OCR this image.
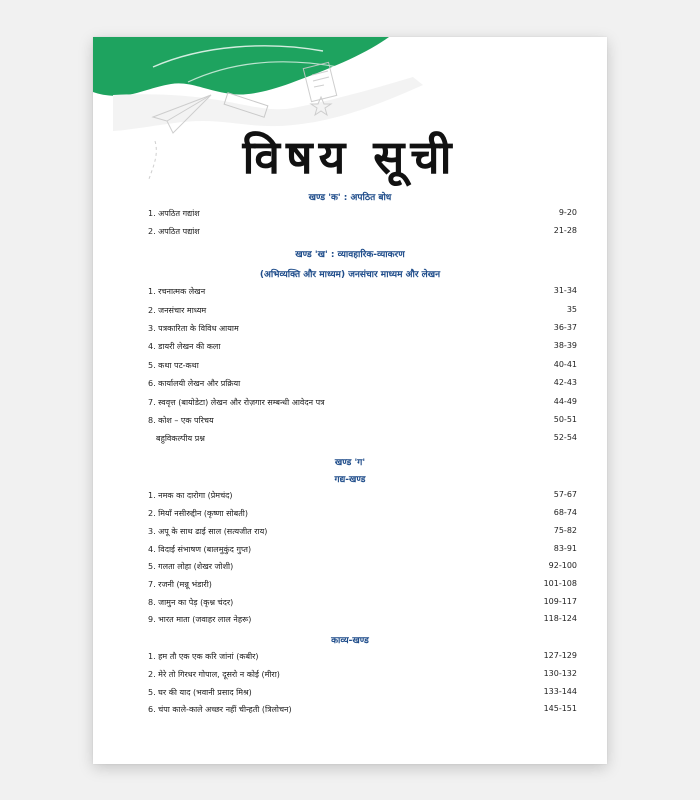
विषय सूची
खण्ड 'क' : अपठित बोध
1. अपठित गद्यांश	9-20
2. अपठित पद्यांश	21-28
खण्ड 'ख' : व्यावहारिक-व्याकरण
(अभिव्यक्ति और माध्यम) जनसंचार माध्यम और लेखन
1. रचनात्मक लेखन	31-34
2. जनसंचार माध्यम	35
3. पत्रकारिता के विविध आयाम	36-37
4. डायरी लेखन की कला	38-39
5. कथा पट-कथा	40-41
6. कार्यालयी लेखन और प्रक्रिया	42-43
7. स्ववृत्त (बायोडेटा) लेखन और रोज़गार सम्बन्धी आवेदन पत्र	44-49
8. कोश – एक परिचय	50-51
बहुविकल्पीय प्रश्न	52-54
खण्ड 'ग'
गद्य-खण्ड
1. नमक का दारोगा (प्रेमचंद)	57-67
2. मियाँ नसीरुद्दीन (कृष्णा सोबती)	68-74
3. अपू के साथ ढाई साल (सत्यजीत राय)	75-82
4. विदाई संभाषण (बालमुकुंद गुप्त)	83-91
5. गलता लोहा (शेखर जोशी)	92-100
7. रजनी (मन्नू भंडारी)	101-108
8. जामुन का पेड़ (कृश्न चंदर)	109-117
9. भारत माता (जवाहर लाल नेहरू)	118-124
काव्य-खण्ड
1. हम तौ एक एक करि जांनां (कबीर)	127-129
2. मेरे तो गिरधर गोपाल, दूसरो न कोई (मीरा)	130-132
5. घर की याद (भवानी प्रसाद मिश्र)	133-144
6. चंपा काले-काले अच्छर नहीं चीन्हती (त्रिलोचन)	145-151
